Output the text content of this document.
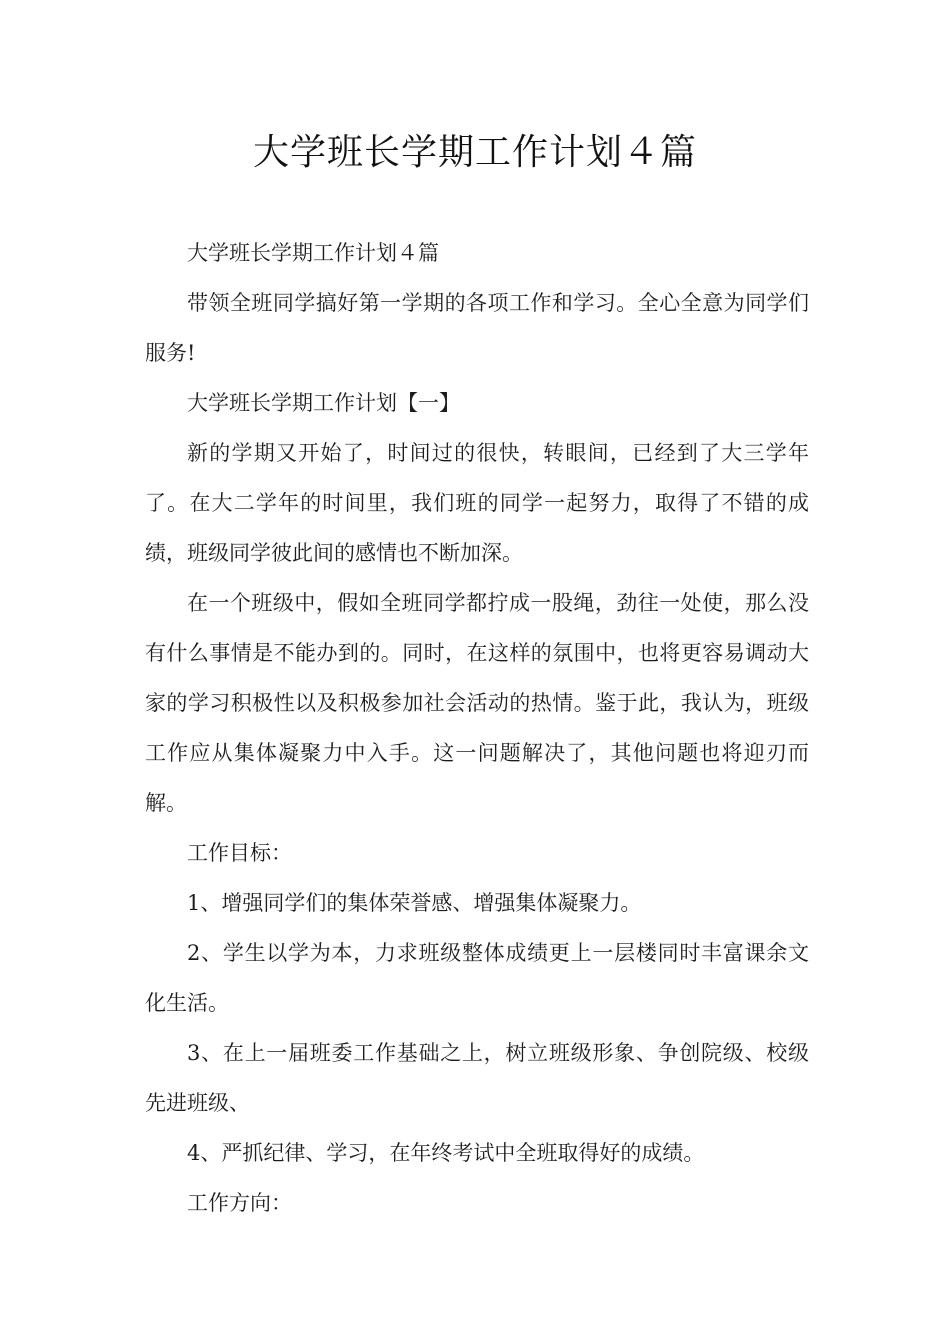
大学班长学期工作计划４篇

大学班长学期工作计划４篇

带领全班同学搞好第一学期的各项工作和学习。全心全意为同学们服务!

大学班长学期工作计划【一】

新的学期又开始了，时间过的很快，转眼间，已经到了大三学年了。在大二学年的时间里，我们班的同学一起努力，取得了不错的成绩，班级同学彼此间的感情也不断加深。

在一个班级中，假如全班同学都拧成一股绳，劲往一处使，那么没有什么事情是不能办到的。同时，在这样的氛围中，也将更容易调动大家的学习积极性以及积极参加社会活动的热情。鉴于此，我认为，班级工作应从集体凝聚力中入手。这一问题解决了，其他问题也将迎刃而解。

工作目标：

1、增强同学们的集体荣誉感、增强集体凝聚力。

2、学生以学为本，力求班级整体成绩更上一层楼同时丰富课余文化生活。

3、在上一届班委工作基础之上，树立班级形象、争创院级、校级先进班级、

4、严抓纪律、学习，在年终考试中全班取得好的成绩。

工作方向：
